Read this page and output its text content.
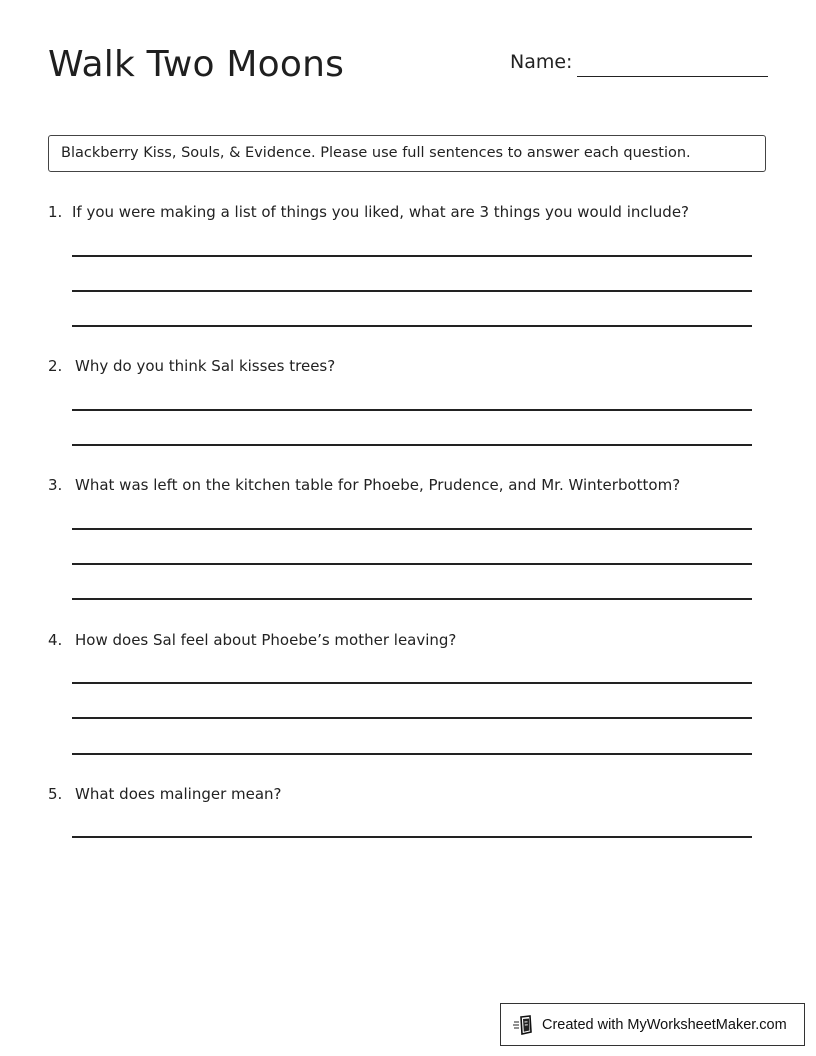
Walk Two Moons	Name:
Blackberry Kiss, Souls, & Evidence. Please use full sentences to answer each question.
1. If you were making a list of things you liked, what are 3 things you would include?
2. Why do you think Sal kisses trees?
3. What was left on the kitchen table for Phoebe, Prudence, and Mr. Winterbottom?
4. How does Sal feel about Phoebe’s mother leaving?
5. What does malinger mean?
Created with MyWorksheetMaker.com
